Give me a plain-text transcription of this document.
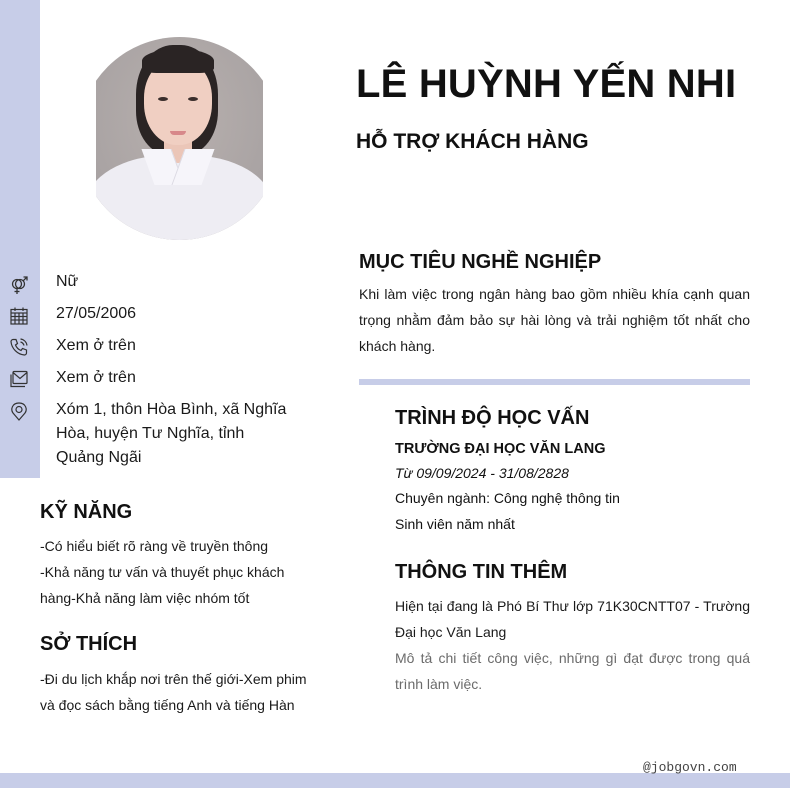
LÊ HUỲNH YẾN NHI
HỖ TRỢ KHÁCH HÀNG
Nữ
27/05/2006
Xem ở trên
Xem ở trên
Xóm 1, thôn Hòa Bình, xã Nghĩa Hòa, huyện Tư Nghĩa, tỉnh Quảng Ngãi
KỸ NĂNG
-Có hiểu biết rõ ràng về truyền thông
-Khả năng tư vấn và thuyết phục khách
hàng-Khả năng làm việc nhóm tốt
SỞ THÍCH
-Đi du lịch khắp nơi trên thế giới-Xem phim và đọc sách bằng tiếng Anh và tiếng Hàn
MỤC TIÊU NGHỀ NGHIỆP
Khi làm việc trong ngân hàng bao gồm nhiều khía cạnh quan trọng nhằm đảm bảo sự hài lòng và trải nghiệm tốt nhất cho khách hàng.
TRÌNH ĐỘ HỌC VẤN
TRƯỜNG ĐẠI HỌC VĂN LANG
Từ 09/09/2024 - 31/08/2828
Chuyên ngành: Công nghệ thông tin
Sinh viên năm nhất
THÔNG TIN THÊM
Hiện tại đang là Phó Bí Thư lớp 71K30CNTT07 - Trường Đại học Văn Lang
Mô tả chi tiết công việc, những gì đạt được trong quá trình làm việc.
@jobgovn.com
